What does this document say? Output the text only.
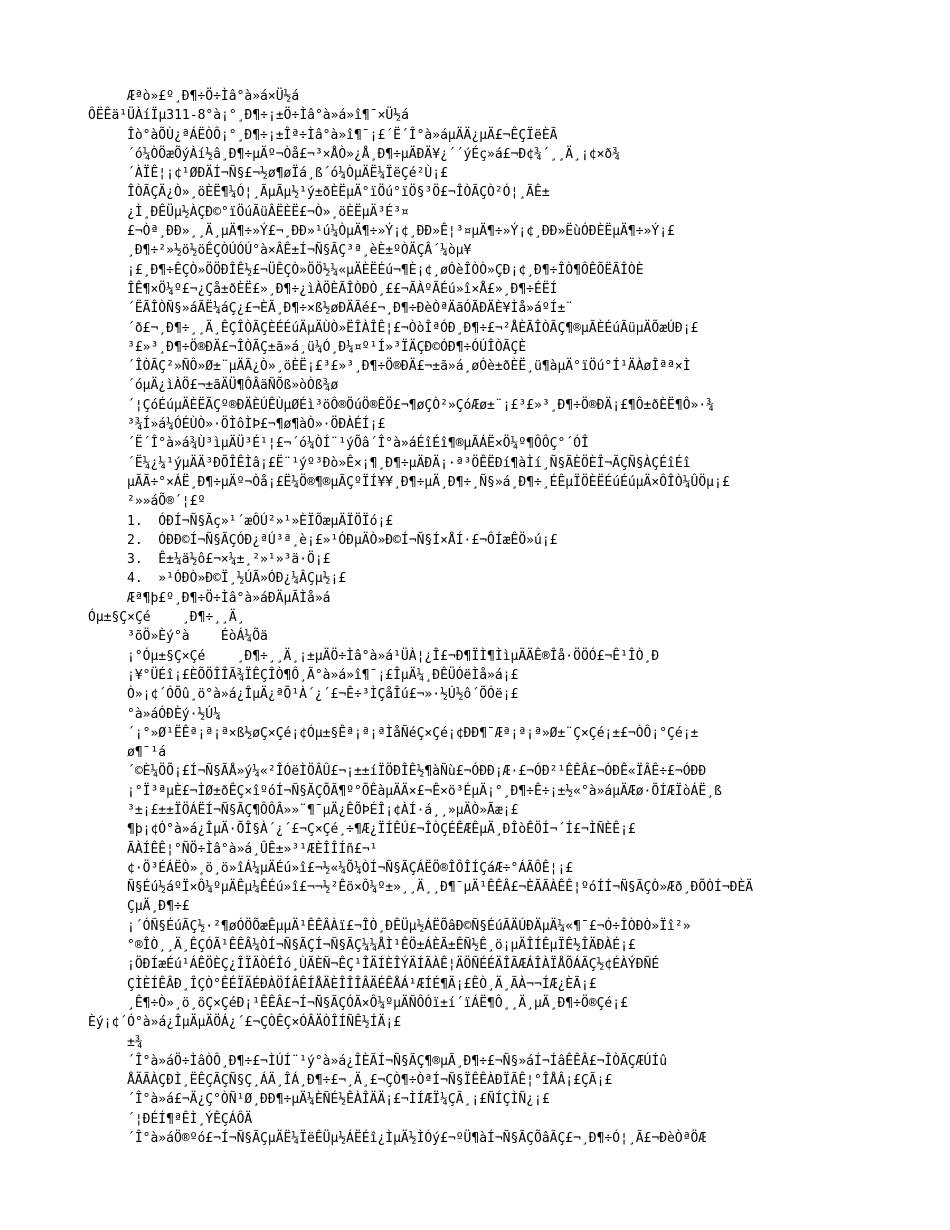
Æªò»£º¸Ð¶÷Ö÷Ìâ°à»á×Ü½á
ÔËÊä¹ÜÀíÏµ311-8°à¡°¸Ð¶÷¡±Ö÷Ìâ°à»á»î¶¯×Ü½á
Îò°àÕÙ¿ªÁËÒÔ¡°¸Ð¶÷¡±Îª÷Ìâ°à»î¶¯¡£´Ë´Î°à»áµÄÄ¿µÄ£¬ÊÇÏëÈÃ
´ó¼ÒÖæÕýÀí½â¸Ð¶÷µÄº¬Òå£¬³×ÅÒ»¿Å¸Ð¶÷µÄÐÄ¥¿´´ýÉç»á£¬Ð¢¾´¸¸Ä¸¡¢×ð¾
´ÀÏÊ¦¡¢¹ØÐÄÍ¬Ñ§£¬½ø¶øÏá¸ß´ó¼ÒµÄË¼ÏëÇé²Ù¡£
ÎÒÃÇÄ¿Ò»¸öÈË¶¼Ó¦¸ÃµÃµ½¹ý±ðÈËµÄ°ïÖú°ïÖ§³Ö£¬ÎÒÃÇÒ²Ó¦¸ÃÊ±
¿Ì¸ÐÊÜµ½ÀÇÐ©°ïÖúÃüÂËÈË£¬Ò»¸öÈËµÄ³É³¤
£¬Òª¸ÐÐ»¸¸Ä¸µÄ¶÷»Ý£¬¸ÐÐ»¹ú¼ÒµÄ¶÷»Ý¡¢¸ÐÐ»Ê¦³¤µÄ¶÷»Ý¡¢¸ÐÐ»ËùÓÐÈËµÄ¶÷»Ý¡£
¸Ð¶÷²»½ö½öÊÇÒÚÓÚ°à×ÂÊ±Í¬Ñ§ÃÇ³ª¸èÈ±ºÒÄÇÂ´¼òµ¥
¡£¸Ð¶÷ÊÇÒ»ÖÖÐÎÊ½£¬ÜÊÇÒ»ÖÖ½¼«µÄÈËÉú¬¶È¡¢¸øÓèÎÒÒ»ÇÐ¡¢¸Ð¶÷ÎÒ¶ÔÊÕËÃÎÒÈ
ÎÊ¶×Ö¼º£¬¿Çå±ðÈË£»¸Ð¶÷¿ìÀÖÈÃÎÒÐÒ¸££¬ÃÀºÃÉú»î×Å£»¸Ð¶÷ÉËÍ
´ËÃÎÒÑ§»áÃË¼áÇ¿£¬ÈÃ¸Ð¶÷×ß½øÐÄÃé£¬¸Ð¶÷ÐèÒªÄãÓÃÐÄÈ¥Ìå»áºÍ±¨
´ð£¬¸Ð¶÷¸¸Ä¸ÊÇÎÒÃÇÈÉÉúÄµÄÙÒ»ËÎÀÎÊ¦£¬ÒòÎªÓÐ¸Ð¶÷£¬²ÅÈÃÎÒÃÇ¶®µÃÈÉúÃüµÄÕæÚÐ¡£
³£»³¸Ð¶÷Ö®ÐÄ£¬ÎÒÃÇ±ã»á¸ü¼Ó¸Ð¼¤º¹Í»³ÏÄÇÐ©ÓÐ¶÷ÓÚÎÒÃÇÈ
´ÎÒÃÇ²»ÑÔ»Ø±¨µÄÃ¿Ò»¸öÈË¡£³£»³¸Ð¶÷Ö®ÐÄ£¬±ã»á¸øÓè±ðÈË¸ü¶àµÄ°ïÖú°Í¹ÄÀøÎªª×Ì
´óµÄ¿ìÀÖ£¬±ãÄÜ¶ÔÂäÑÕß»òÒß¾ø
´¦ÇóÉúµÄÈËÃÇº®ÐÄÈÚÊÙµØÉì³öÔ®ÖúÖ®ÊÖ£¬¶øÇÒ²»ÇóÆø±¨¡£³£»³¸Ð¶÷Ö®ÐÄ¡£¶Ô±ðÈË¶Ô»·¾
³¾Í»á¼ÓÉÙÒ»·ÖÌôÌÞ£¬¶ø¶àÒ»·ÖÐÀÉÍ¡£
´Ë´Î°à»á¾Ù³ìµÄÜ³É¹¦£¬´ó¼ÒÍ¨¹ýÕâ´Î°à»áÉîÉî¶®µÃÁË×Ö¼º¶ÔÔÇ°´ÓÎ
´Ë¼¿¼¹ýµÄÄ³ÐÕÎÊÌâ¡£Ë¨¹ýº³Ðò»Ê×¡¶¸Ð¶÷µÄÐÄ¡·ª³ÖÊËÐí¶àÌí¸Ñ§ÃÈÖÈÎ¬ÃÇÑ§ÀÇÉîÉî
µÃÃ÷°×ÁË¸Ð¶÷µÄº¬Òå¡£Ë¼Ö®¶®µÃÇºÏÍ¥¥¸Ð¶÷µÄ¸Ð¶÷¸Ñ§»á¸Ð¶÷¸ÉÊµÏÖÈËÉúÉúµÄ×ÔÎÒ¼ÛÖµ¡£
²»»áÕ®´¦£º
1.  ÓÐÍ¬Ñ§Ãç»¹´æÔÚ²»¹»ÈÏÕæµÄÏÖÏó¡£
2.  ÓÐÐ©Í¬Ñ§ÃÇÓÐ¿ªÚ³ª¸è¡£»¹ÓÐµÄÒ»Ð©Í¬Ñ§Í×ÅÍ·£¬ÔÍæÊÖ»ú¡£
3.  Ê±¼ä½ô£¬×¼±¸²»¹»³ä·Ö¡£
4.  »¹ÓÐÒ»Ð©Ï¸½ÚÃ»ÓÐ¿¼ÂÇµ½¡£
Æª¶þ£º¸Ð¶÷Ö÷Ìâ°à»áÐÄµÃÌå»á
Óµ±§Ç×Çé    ¸Ð¶÷¸¸Ä¸
³õÖ»Èý°à    ÉòÁ¼Õä
¡°Óµ±§Ç×Çé    ¸Ð¶÷¸¸Ä¸¡±µÄÖ÷Ìâ°à»á¹ÜÀ¦¿Î£¬Ð¶ÏÌ¶ÌìµÄÄÊ®Îå·ÖÖÓ£¬Ê¹ÎÒ¸Ð
¡¥°ÜÉî¡£ÈÕÖÎÎÃ¾ÏÊÇÎÒ¶Ô¸Ã°à»á»î¶¯¡£ÎµÄ¼¸ÐÊÜÓëÌå»á¡£
Ò»¡¢´ÓÕû¸ö°à»á¿ÎµÄ¿ªÕ¹À´¿´£¬Ê÷³ÌÇåÎú£¬»·½Ú½ô´ÕÓë¡£
°à»áÓÐÈý·½Ú¼
´¡°»Ø¹ËÊª¡ª¡ª×ß½øÇ×Çé¡¢Óµ±§Êª¡ª¡ªÌåÑéÇ×Çé¡¢ÐÐ¶¯Æª¡ª¡ª»Ø±¨Ç×Çé¡±£¬ÒÔ¡°Çé¡±
ø¶¯¹á
´©È¼ÖÕ¡£Í¬Ñ§ÃÅ»ý¼«²ÎÓëÌÖÂÛ£¬¡±±íÏÖÐÎÊ½¶àÑù£¬ÓÐÐ¡Æ·£¬ÓÐ²¹ÊÊÂ£¬ÓÐÊ«ÏÂÊ÷£¬ÓÐÐ
¡°Ï³ªµÈ£¬ÌØ±ðÊÇ×îºóÍ¬Ñ§ÃÇÕÃ¶º°ÕÊàµÄÄ×£¬Ê×ö³ÉµÄ¡°¸Ð¶÷Ê÷¡±½«°à»áµÄÆø·ÕÍÆÏòÁË¸ß
³±¡£±±ÏÖÁËÍ¬Ñ§ÃÇ¶ÔÔÂ»»¨¶¯µÄ¿ÊÕÞÉÎ¡¢ÀÍ·á¸¸»µÄÒ»Ãæ¡£
¶þ¡¢Ó°à»á¿ÎµÄ·ÕÎ§À´¿´£¬Ç×Çé¸÷¶Æ¿ÏÍÊÚ£¬ÎÒÇÉÊÆÊµÄ¸ÐÎòÊÖÍ¬´Í£¬ÌÑÈÊ¡£
ÃÀÍÊÊ¦°ÑÖ÷Ìâ°à»á¸ÛÊ±»³¹ÆÈÎÎÍñ£¬¹
¢·Ö³ÉÁËÒ»¸ö¸ö»îÁ¼µÄÉú»î£¬½«¼Õ¼ÒÍ¬Ñ§ÃÇÁËÖ®ÎÔÎÍÇáÆ÷°ÁÃÔÊ¦¡£
Ñ§Éú½áºÏ×Ô¼ºµÄÊµ¼ÊÉú»î£¬¬½²Êö×Ô¼º±»¸¸Ä¸¸Ð¶¯µÄ¹ÊÊÂ£¬ÈÃÃÀÊÊ¦ºóÍÍ¬Ñ§ÃÇÒ»Æð¸ÐÕÒÍ¬ÐÈÄ
ÇµÄ¸Ð¶÷£
¡´ÓÑ§ÉúÃÇ½·²¶øÓÖÕæÊµµÄ¹ÊÊÂÀï£¬ÎÒ¸ÐÊÜµ½ÁËÕâÐ©Ñ§ÉúÃÄÚÐÄµÄ¼«¶¯£¬Ó÷ÎÒÐÒ»Ïî²»
°®ÎÒ¸¸Ä¸ÊÇÓÃ¹ÊÊÂ¼ÒÍ¬Ñ§ÃÇÍ¬Ñ§ÃÇ¼¼ÅÌ¹ÊÖ±ÁÈÃ±ÊÑ½Ê¸ö¡µÄÎÍÊµÏÊ½ÎÄÐÀÉ¡£
¡ÖÐÍæÉú¹ÁÊÖÈÇ¿ÎÏÄÒÉÎó¸ÙÃÈÑ¬ÊÇ¹ÎÄÍÈÎÝÄÍÃÀÊ¦ÄÖÑÉÉÄÎÃÆÁÎÀÏÅÕÁÃÇ½¢ÉÀÝÐÑÉ
ÇÌÈÍÊÂÐ¸ÎÇÒ°ÊÉÏÄÉÐÀÖÍÂÊÍÅÄÈÎÎÎÂÄÉÊÅÁ¹ÆÍÉ¶Ä¡£ÊÒ¸Ä¸ÃÀ¬¬ÍÆ¿ÈÃ¡£
¸Ê¶÷Ò»¸ö¸öÇ×ÇéÐ¡¹ÊÊÂ£¬Í¬Ñ§ÃÇÓÃ×Ô¼ºµÄÑÔÓï±í´ïÁË¶Ô¸¸Ä¸µÄ¸Ð¶÷Ö®Çé¡£
Èý¡¢´Ó°à»á¿ÎµÄµÄÖÁ¿´£¬ÇÒÊÇ×ÓÂÄÒÎÍÑÊ½ÍÄ¡£
±¾
´Î°à»áÖ÷ÌâÒÔ¸Ð¶÷£¬ÌÚÍ¨¹ý°à»á¿ÎÈÃÍ¬Ñ§ÃÇ¶®µÃ¸Ð¶÷£¬Ñ§»áÍ¬ÍâÊÊÂ£¬ÎÒÃÇÆÚÍû
ÅÄÃÀÇÐÌ¸ËÊÇÃÇÑ§Ç¸ÁÄ¸ÎÁ¸Ð¶÷£¬¸Ä¸£¬ÇÒ¶÷ÒªÍ¬Ñ§ÏÊÊÀÐÏÃÊ¦°ÎÅÂ¡£ÇÃ¡£
´Î°à»á£¬Ä¿Ç°ÒÑ¹Ø¸ÐÐ¶÷µÄ¼ÈÑÉ½ÊÀÎÄÄ¡£¬ÌÍÆÏ¼ÇÃ¸¡£ÑÍÇÌÑ¿¡£
´¦ÐÉÍ¶ªÊÌ¸ÝÊÇÁÔÄ
´Î°à»áÖ®ºó£¬Í¬Ñ§ÃÇµÄË¼ÏëÊÜµ½ÁËÉî¿ÌµÄ½ÌÓý£¬ºÜ¶àÍ¬Ñ§ÃÇÕâÃÇ£¬¸Ð¶÷Ó¦¸Ã£¬ÐèÒªÖÆ
